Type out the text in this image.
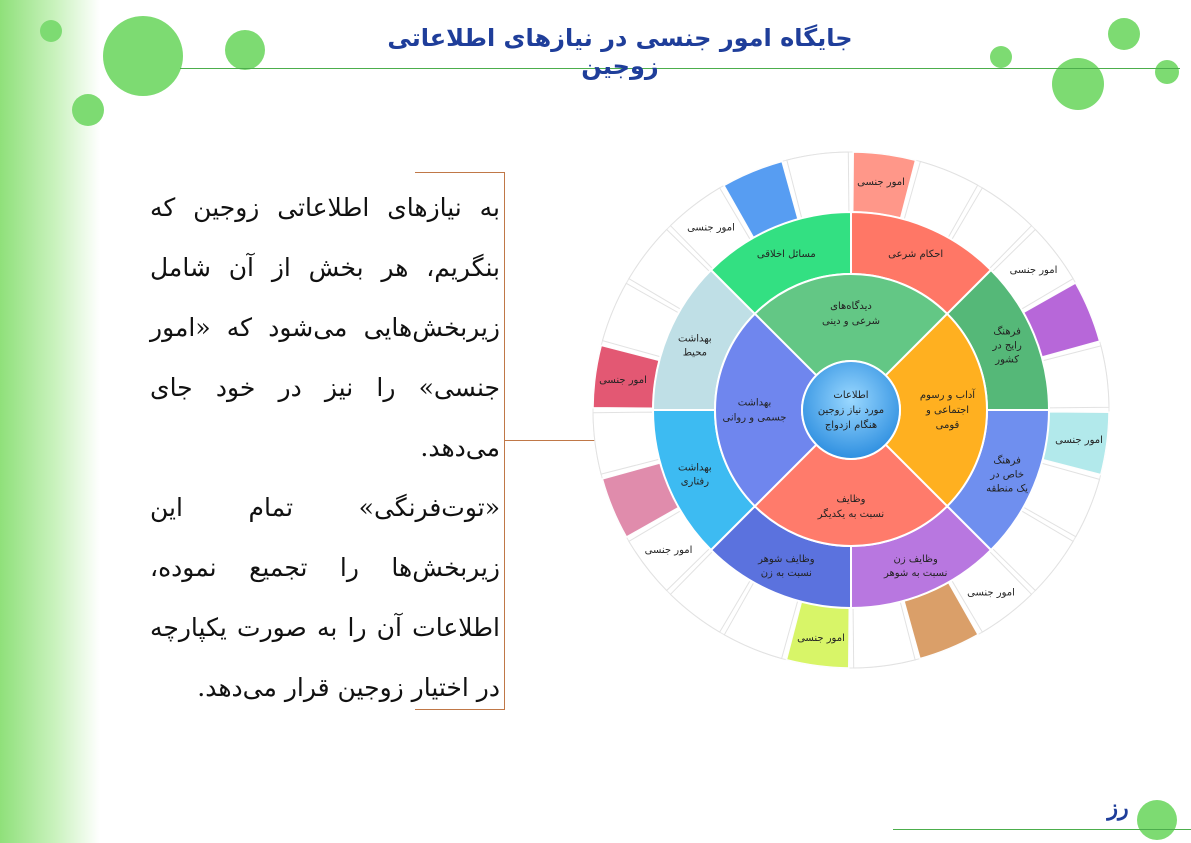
جایگاه امور جنسی در نیازهای اطلاعاتی زوجین
به نیازهای اطلاعاتی زوجین که بنگریم، هر بخش از آن شامل زیربخش‌هایی می‌شود که «امور جنسی» را نیز در خود جای می‌دهد.
«توت‌فرنگی» تمام این زیربخش‌ها را تجمیع نموده، اطلاعات آن را به صورت یکپارچه در اختیار زوجین قرار می‌دهد.
رز
امور جنسی
امور جنسی
امور جنسی
امور جنسی
امور جنسی
امور جنسی
امور جنسی
امور جنسی
احکام شرعی
فرهنگ
رایج در
کشور
فرهنگ
خاص در
یک منطقه
وظایف زن
نسبت به شوهر
وظایف شوهر
نسبت به زن
بهداشت
رفتاری
بهداشت
محیط
مسائل اخلاقی
دیدگاه‌های
شرعی و دینی
آداب و رسوم
اجتماعی و
قومی
وظایف
نسبت به یکدیگر
بهداشت
جسمی و روانی
اطلاعات
مورد نیاز زوجین
هنگام ازدواج
